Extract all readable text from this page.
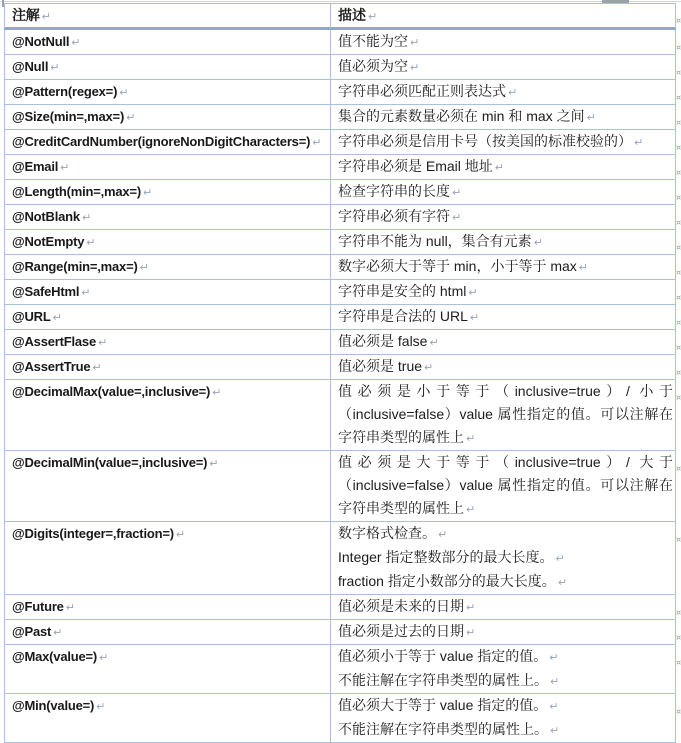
注解 ↵	描述 ↵	¤
@NotNull ↵	值不能为空 ↵	¤
@Null ↵	值必须为空 ↵	¤
@Pattern(regex=) ↵	字符串必须匹配正则表达式 ↵	¤
@Size(min=,max=) ↵	集合的元素数量必须在 min 和 max 之间 ↵	¤
@CreditCardNumber(ignoreNonDigitCharacters=) ↵	字符串必须是信用卡号（按美国的标准校验的） ↵	¤
@Email ↵	字符串必须是 Email 地址 ↵	¤
@Length(min=,max=) ↵	检查字符串的长度 ↵	¤
@NotBlank ↵	字符串必须有字符 ↵	¤
@NotEmpty ↵	字符串不能为 null，集合有元素 ↵	¤
@Range(min=,max=) ↵	数字必须大于等于 min，小于等于 max ↵	¤
@SafeHtml ↵	字符串是安全的 html ↵	¤
@URL ↵	字符串是合法的 URL ↵	¤
@AssertFlase ↵	值必须是 false ↵	¤
@AssertTrue ↵	值必须是 true ↵	¤
@DecimalMax(value=,inclusive=) ↵	值必须是小于等于（inclusive=true）/ 小于（inclusive=false）value 属性指定的值。可以注解在字符串类型的属性上 ↵
¤
@DecimalMin(value=,inclusive=) ↵	值必须是大于等于（inclusive=true）/ 大于（inclusive=false）value 属性指定的值。可以注解在字符串类型的属性上 ↵
¤
@Digits(integer=,fraction=) ↵	数字格式检查。 ↵
Integer 指定整数部分的最大长度。 ↵
fraction 指定小数部分的最大长度。 ↵
¤
@Future ↵	值必须是未来的日期 ↵	¤
@Past ↵	值必须是过去的日期 ↵	¤
@Max(value=) ↵	值必须小于等于 value 指定的值。 ↵
不能注解在字符串类型的属性上。 ↵
¤
@Min(value=) ↵	值必须大于等于 value 指定的值。 ↵
不能注解在字符串类型的属性上。 ↵
¤
